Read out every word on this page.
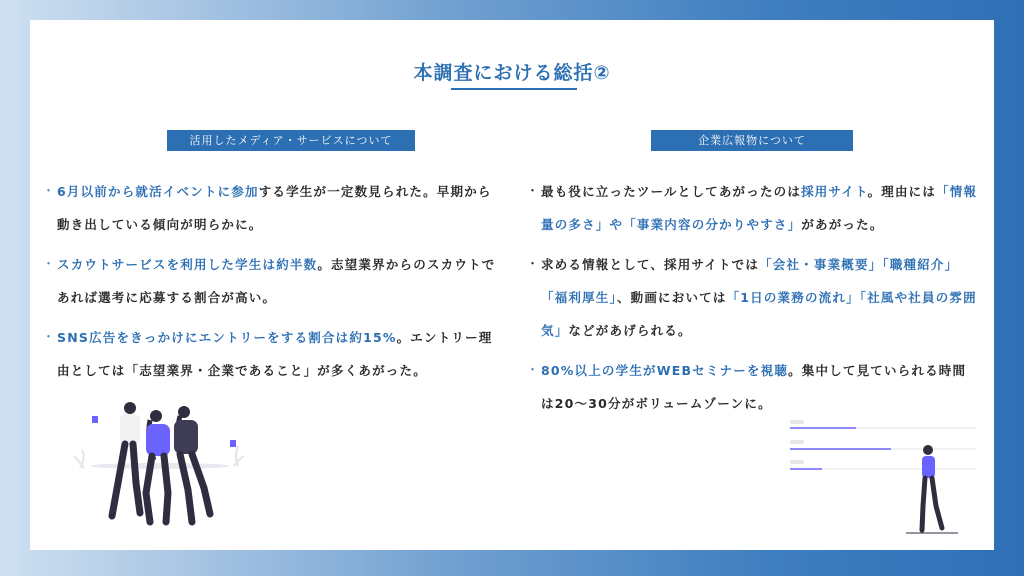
本調査における総括②
活用したメディア・サービスについて	企業広報物について
・ 6月以前から就活イベントに参加する学生が一定数見られた。早期から動き出している傾向が明らかに。

・ スカウトサービスを利用した学生は約半数。志望業界からのスカウトであれば選考に応募する割合が高い。

・ SNS広告をきっかけにエントリーをする割合は約15%。エントリー理由としては「志望業界・企業であること」が多くあがった。

・ 最も役に立ったツールとしてあがったのは採用サイト。理由には「情報量の多さ」や「事業内容の分かりやすさ」があがった。

・ 求める情報として、採用サイトでは「会社・事業概要」「職種紹介」「福利厚生」、動画においては「1日の業務の流れ」「社風や社員の雰囲気」などがあげられる。

・ 80%以上の学生がWEBセミナーを視聴。集中して見ていられる時間は20～30分がボリュームゾーンに。
